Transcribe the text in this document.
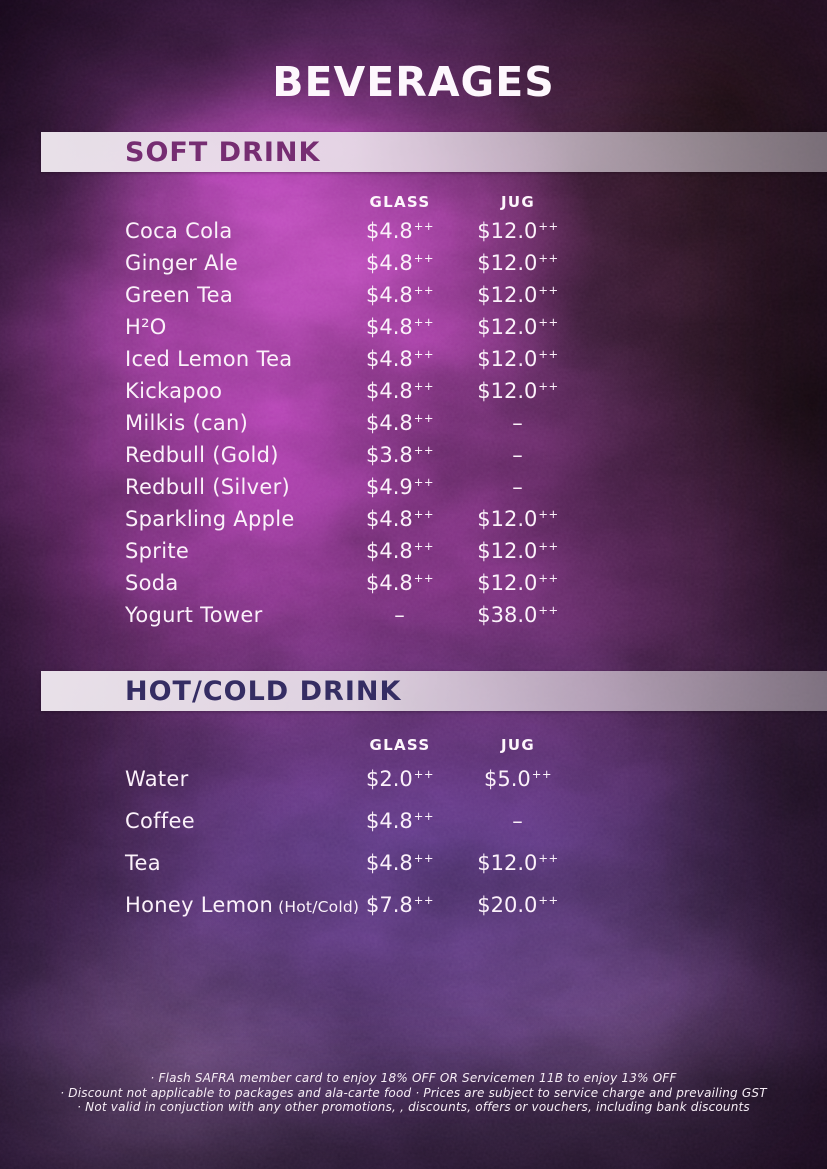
BEVERAGES
SOFT DRINK
GLASS	JUG
Coca Cola	$4.8++	$12.0++
Ginger Ale	$4.8++	$12.0++
Green Tea	$4.8++	$12.0++
H²O	$4.8++	$12.0++
Iced Lemon Tea	$4.8++	$12.0++
Kickapoo	$4.8++	$12.0++
Milkis (can)	$4.8++	–
Redbull (Gold)	$3.8++	–
Redbull (Silver)	$4.9++	–
Sparkling Apple	$4.8++	$12.0++
Sprite	$4.8++	$12.0++
Soda	$4.8++	$12.0++
Yogurt Tower	–	$38.0++
HOT/COLD DRINK
GLASS	JUG
Water	$2.0++	$5.0++
Coffee	$4.8++	–
Tea	$4.8++	$12.0++
Honey Lemon (Hot/Cold) $7.8++	$20.0++
· Flash SAFRA member card to enjoy 18% OFF OR Servicemen 11B to enjoy 13% OFF
· Discount not applicable to packages and ala-carte food · Prices are subject to service charge and prevailing GST
· Not valid in conjuction with any other promotions, , discounts, offers or vouchers, including bank discounts
